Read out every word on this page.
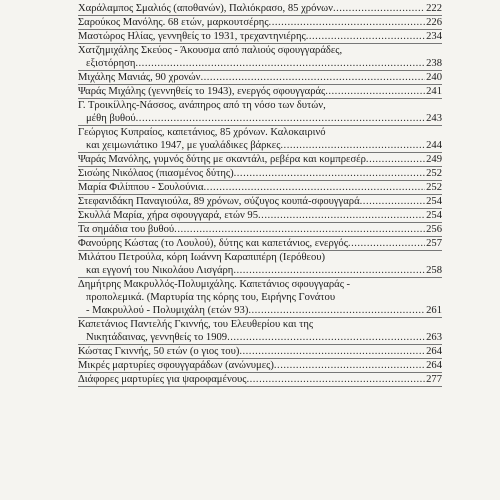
Χαράλαμπος Σμαλιός (αποθανών), Παλιόκρασο, 85 χρόνων .....	222
Σαρούκος Μανόλης. 68 ετών, μαρκουτσέρης .....	226
Μαστώρος Ηλίας, γεννηθείς το 1931, τρεχαντηνιέρης .....	234
Χατζημιχάλης Σκεύος - Άκουσμα από παλιούς σφουγγαράδες,
εξιστόρηση .....	238
Μιχάλης Μανιάς, 90 χρονών .....	240
Ψαράς Μιχάλης (γεννηθείς το 1943), ενεργός σφουγγαράς .....	241
Γ. Τροικίλλης-Νάσσος, ανάπηρος από τη νόσο των δυτών,
μέθη βυθού .....	243
Γεώργιος Κυπραίος, καπετάνιος, 85 χρόνων. Καλοκαιρινό
και χειμωνιάτικο 1947, με γυαλάδικες βάρκες .....	244
Ψαράς Μανόλης, γυμνός δύτης με σκαντάλι, ρεβέρα και κομπρεσέρ .....	249
Σισώης Νικόλαος (πιασμένος δύτης) .....	252
Μαρία Φιλίππου - Σουλούνια .....	252
Στεφανιδάκη Παναγιούλα, 89 χρόνων, σύζυγος κουπά-σφουγγαρά .....	254
Σκυλλά Μαρία, χήρα σφουγγαρά, ετών 95 .....	254
Τα σημάδια του βυθού .....	256
Φανούρης Κώστας (το Λουλού), δύτης και καπετάνιος, ενεργός .....	257
Μιλάτου Πετρούλα, κόρη Ιωάννη Καραπιπέρη (Ιερόθεου)
και εγγονή του Νικολάου Λισγάρη .....	258
Δημήτρης Μακρυλλός-Πολυμιχάλης. Καπετάνιος σφουγγαράς -
προπολεμικά. (Μαρτυρία της κόρης του, Ειρήνης Γονάτου
- Μακρυλλού - Πολυμιχάλη (ετών 93) .....	261
Καπετάνιος Παντελής Γκιννής, του Ελευθερίου και της
Νικητάδαινας, γεννηθείς το 1909 .....	263
Κώστας Γκιννής, 50 ετών (ο γιος του) .....	264
Μικρές μαρτυρίες σφουγγαράδων (ανώνυμες) .....	264
Διάφορες μαρτυρίες για ψαροφαμένους .....	277
